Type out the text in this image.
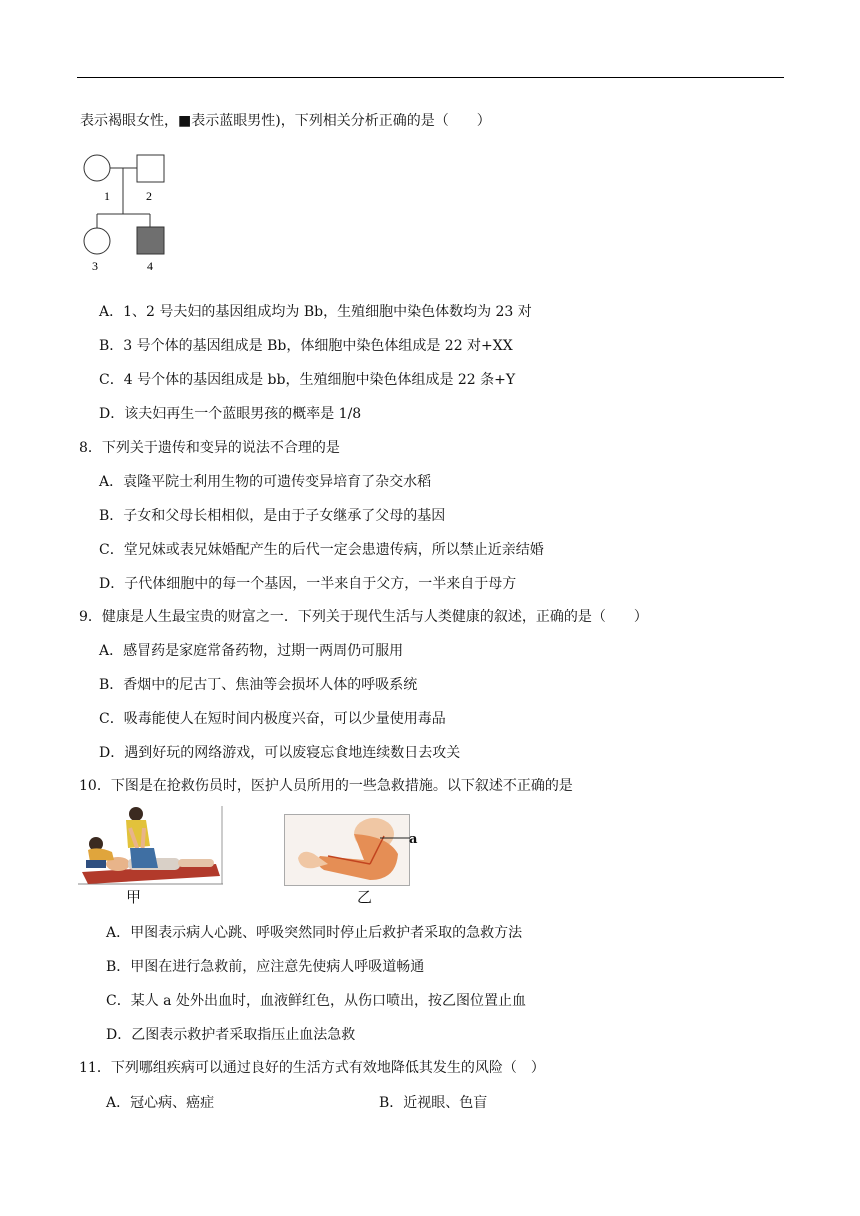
表示褐眼女性，■表示蓝眼男性)，下列相关分析正确的是（　　）
1	2
3	4
A．1、2 号夫妇的基因组成均为 Bb，生殖细胞中染色体数均为 23 对
B．3 号个体的基因组成是 Bb，体细胞中染色体组成是 22 对+XX
C．4 号个体的基因组成是 bb，生殖细胞中染色体组成是 22 条+Y
D．该夫妇再生一个蓝眼男孩的概率是 1/8
8．下列关于遗传和变异的说法不合理的是
A．袁隆平院士利用生物的可遗传变异培育了杂交水稻
B．子女和父母长相相似，是由于子女继承了父母的基因
C．堂兄妹或表兄妹婚配产生的后代一定会患遗传病，所以禁止近亲结婚
D．子代体细胞中的每一个基因，一半来自于父方，一半来自于母方
9．健康是人生最宝贵的财富之一．下列关于现代生活与人类健康的叙述，正确的是（　　）
A．感冒药是家庭常备药物，过期一两周仍可服用
B．香烟中的尼古丁、焦油等会损坏人体的呼吸系统
C．吸毒能使人在短时间内极度兴奋，可以少量使用毒品
D．遇到好玩的网络游戏，可以废寝忘食地连续数日去攻关
10．下图是在抢救伤员时，医护人员所用的一些急救措施。以下叙述不正确的是
甲
a
乙
A．甲图表示病人心跳、呼吸突然同时停止后救护者采取的急救方法
B．甲图在进行急救前，应注意先使病人呼吸道畅通
C．某人 a 处外出血时，血液鲜红色，从伤口喷出，按乙图位置止血
D．乙图表示救护者采取指压止血法急救
11．下列哪组疾病可以通过良好的生活方式有效地降低其发生的风险（　）
A．冠心病、癌症	B．近视眼、色盲
